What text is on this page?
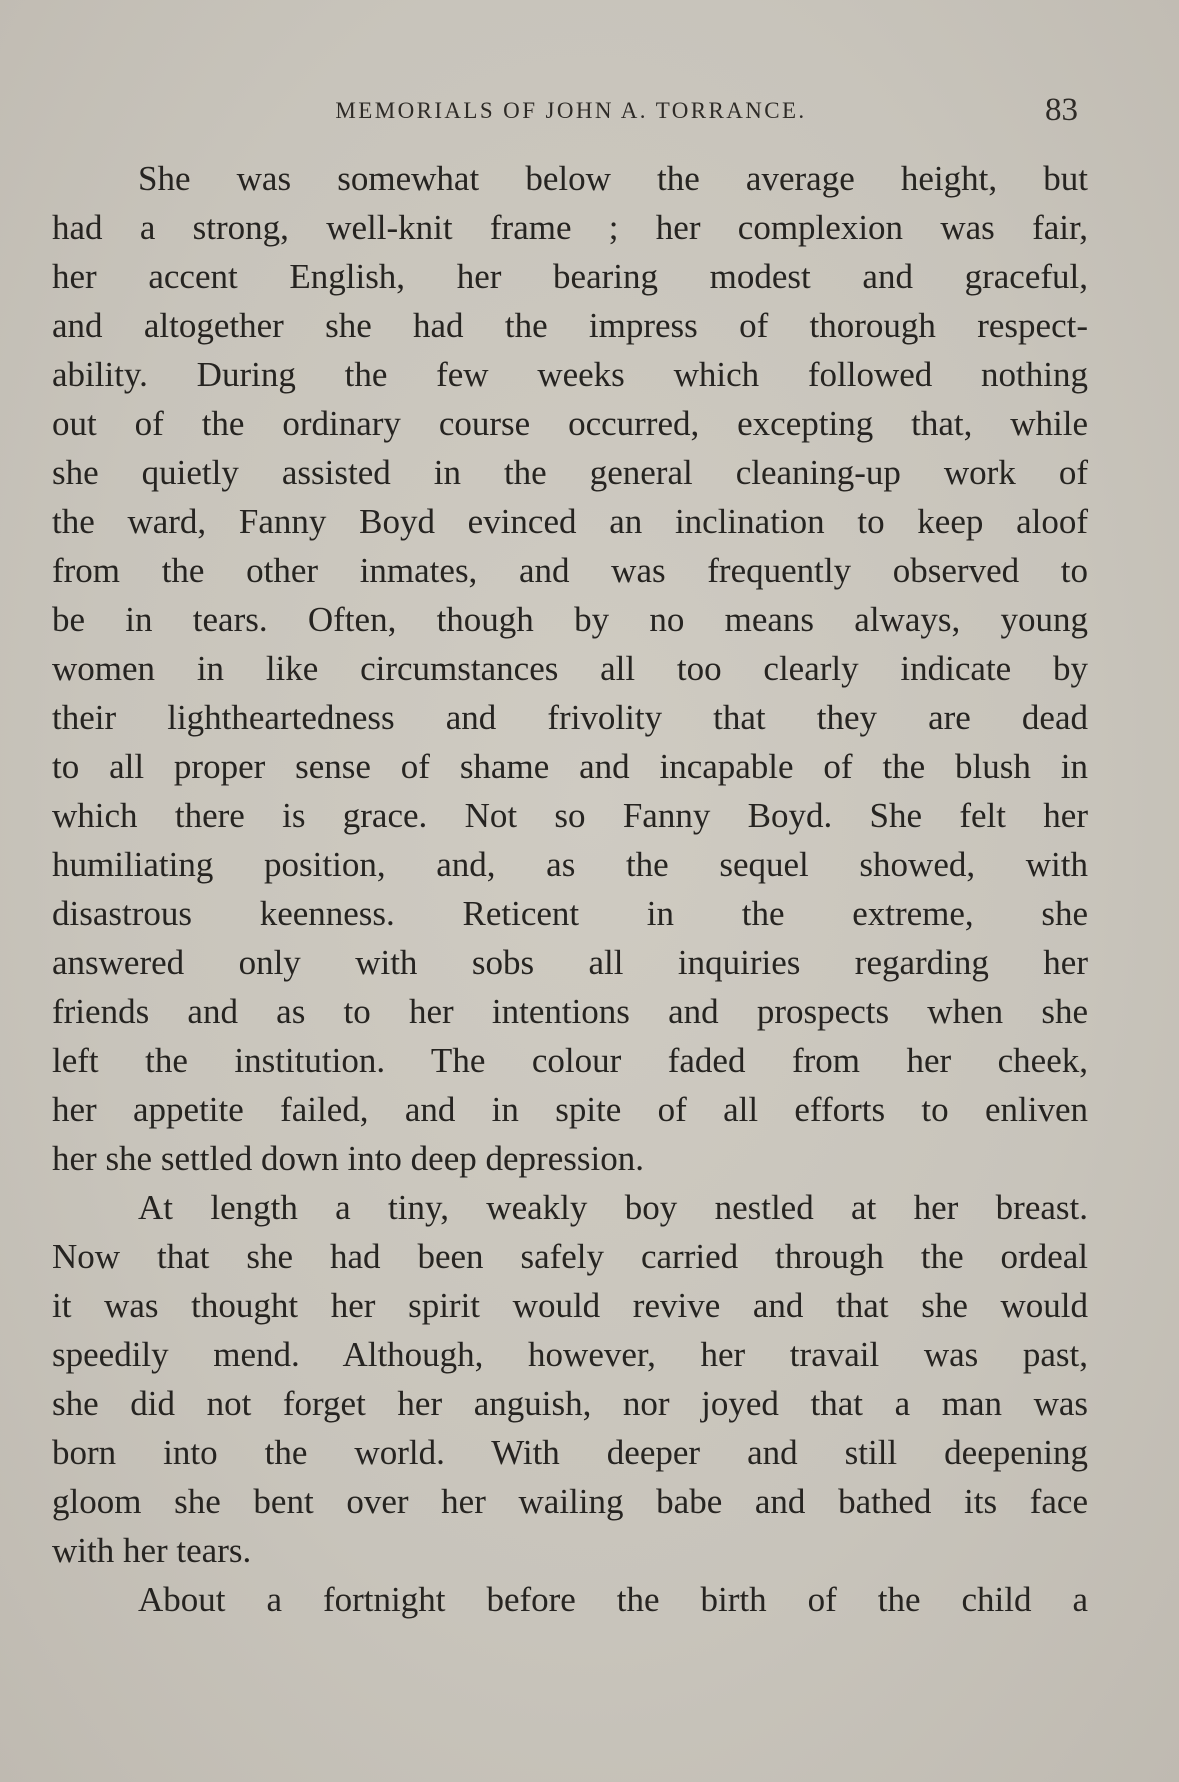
MEMORIALS OF JOHN A. TORRANCE.	83
She was somewhat below the average height, but
had a strong, well-knit frame ; her complexion was fair,
her accent English, her bearing modest and graceful,
and altogether she had the impress of thorough respect-
ability. During the few weeks which followed nothing
out of the ordinary course occurred, excepting that, while
she quietly assisted in the general cleaning-up work of
the ward, Fanny Boyd evinced an inclination to keep aloof
from the other inmates, and was frequently observed to
be in tears. Often, though by no means always, young
women in like circumstances all too clearly indicate by
their lightheartedness and frivolity that they are dead
to all proper sense of shame and incapable of the blush in
which there is grace. Not so Fanny Boyd. She felt her
humiliating position, and, as the sequel showed, with
disastrous keenness. Reticent in the extreme, she
answered only with sobs all inquiries regarding her
friends and as to her intentions and prospects when she
left the institution. The colour faded from her cheek,
her appetite failed, and in spite of all efforts to enliven
her she settled down into deep depression.
At length a tiny, weakly boy nestled at her breast.
Now that she had been safely carried through the ordeal
it was thought her spirit would revive and that she would
speedily mend. Although, however, her travail was past,
she did not forget her anguish, nor joyed that a man was
born into the world. With deeper and still deepening
gloom she bent over her wailing babe and bathed its face
with her tears.
About a fortnight before the birth of the child a
